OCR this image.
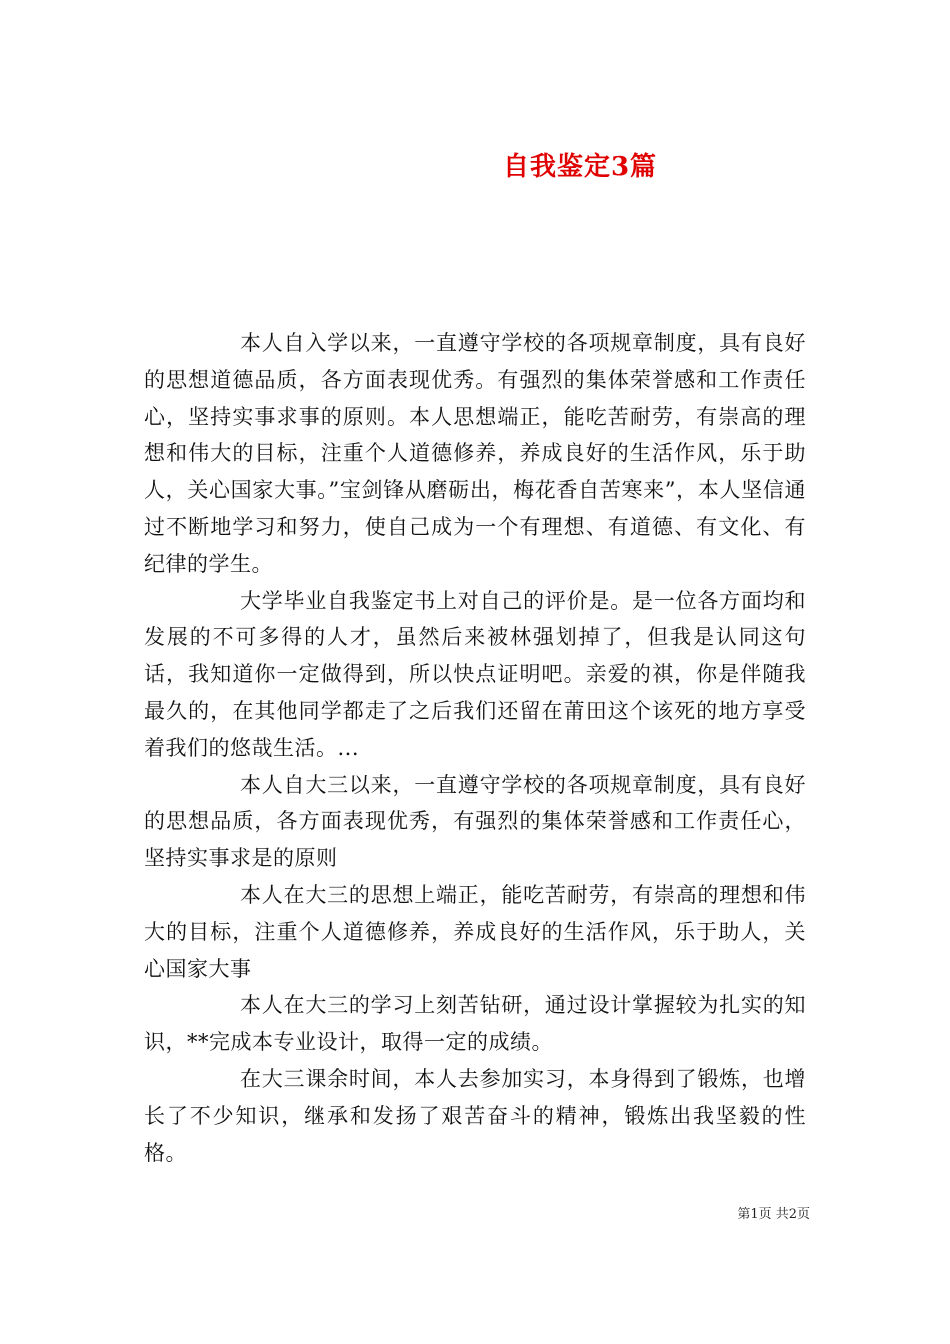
自我鉴定3篇

本人自入学以来，一直遵守学校的各项规章制度，具有良好的思想道德品质，各方面表现优秀。有强烈的集体荣誉感和工作责任心，坚持实事求事的原则。本人思想端正，能吃苦耐劳，有崇高的理想和伟大的目标，注重个人道德修养，养成良好的生活作风，乐于助人，关心国家大事。”宝剑锋从磨砺出，梅花香自苦寒来”，本人坚信通过不断地学习和努力，使自己成为一个有理想、有道德、有文化、有纪律的学生。

大学毕业自我鉴定书上对自己的评价是。是一位各方面均和发展的不可多得的人才，虽然后来被林强划掉了，但我是认同这句话，我知道你一定做得到，所以快点证明吧。亲爱的祺，你是伴随我最久的，在其他同学都走了之后我们还留在莆田这个该死的地方享受着我们的悠哉生活。...

本人自大三以来，一直遵守学校的各项规章制度，具有良好的思想品质，各方面表现优秀，有强烈的集体荣誉感和工作责任心，坚持实事求是的原则

本人在大三的思想上端正，能吃苦耐劳，有崇高的理想和伟大的目标，注重个人道德修养，养成良好的生活作风，乐于助人，关心国家大事

本人在大三的学习上刻苦钻研，通过设计掌握较为扎实的知识，**完成本专业设计，取得一定的成绩。

在大三课余时间，本人去参加实习，本身得到了锻炼，也增长了不少知识，继承和发扬了艰苦奋斗的精神，锻炼出我坚毅的性格。

第1页 共2页
